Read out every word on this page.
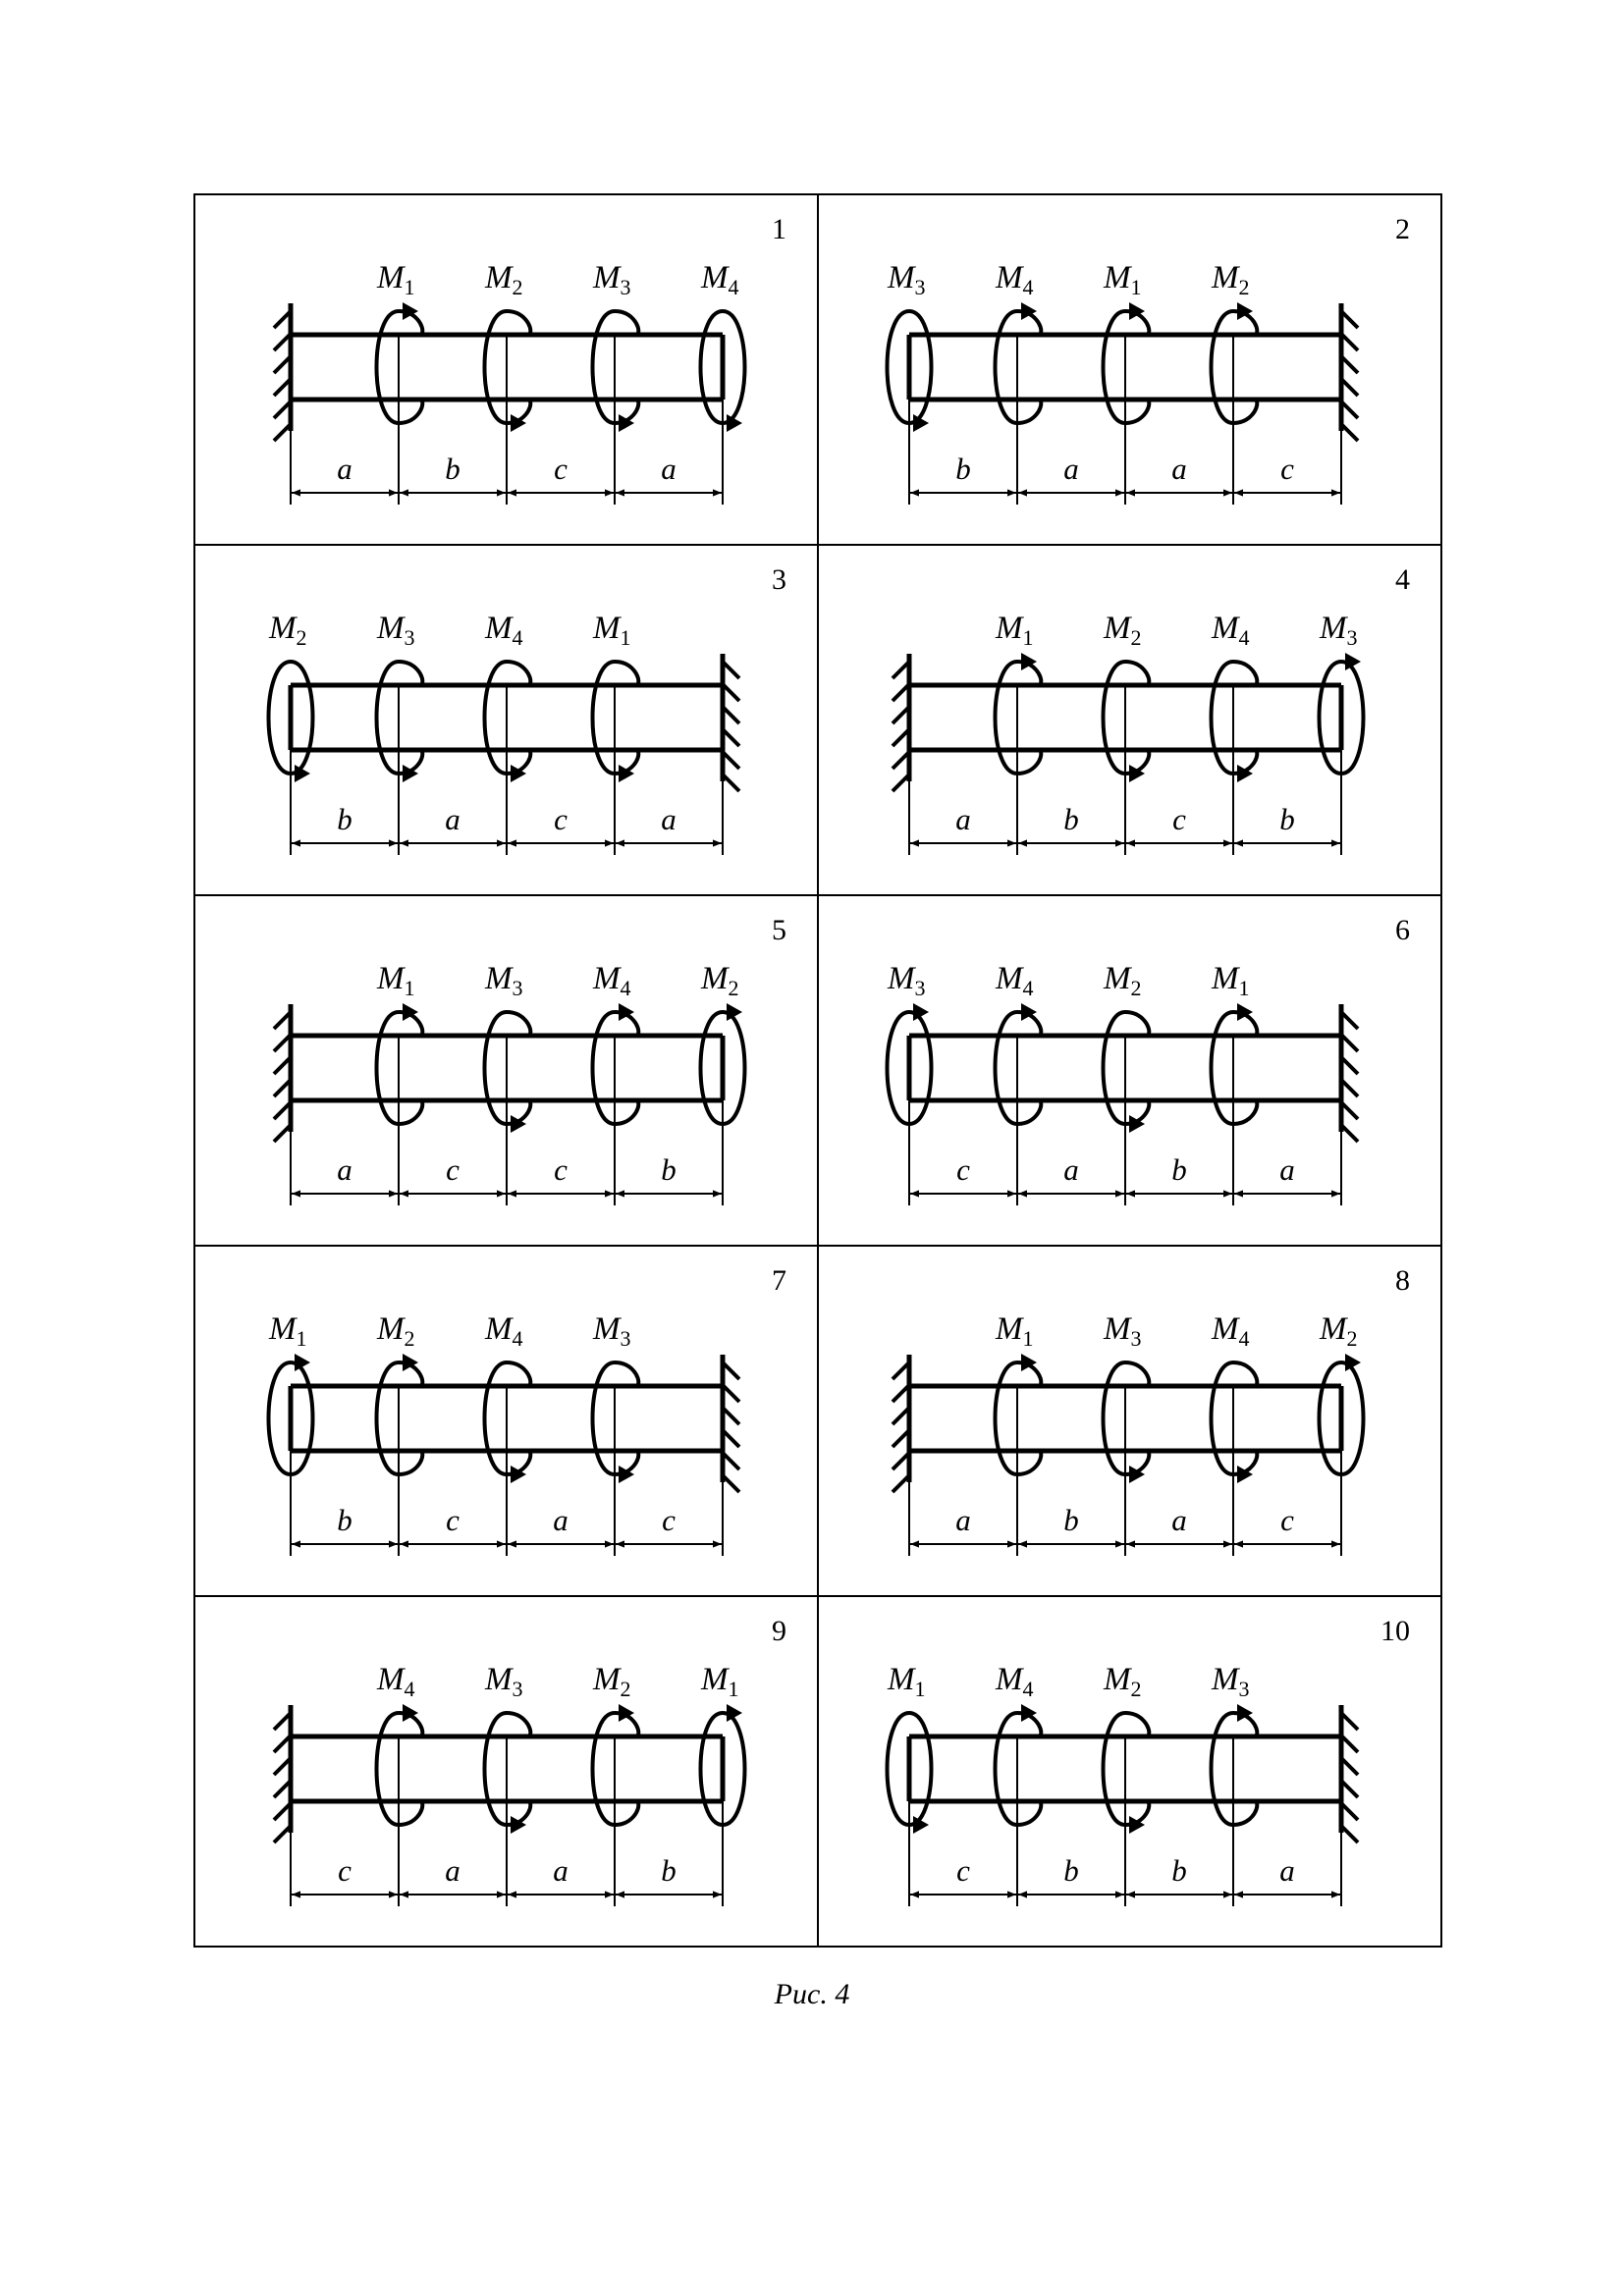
1
$M_1$ $M_2$ $M_3$ $M_4$
a	b	c	a
2
$M_3$ $M_4$ $M_1$ $M_2$
b	a	a	c
3
$M_2$ $M_3$ $M_4$ $M_1$
b	a	c	a
4
$M_1$ $M_2$ $M_4$ $M_3$
a	b	c	b
5
$M_1$ $M_3$ $M_4$ $M_2$
a	c	c	b
6
$M_3$ $M_4$ $M_2$ $M_1$
c	a	b	a
7
$M_1$ $M_2$ $M_4$ $M_3$
b	c	a	c
8
$M_1$ $M_3$ $M_4$ $M_2$
a	b	a	c
9
$M_4$ $M_3$ $M_2$ $M_1$
c	a	a	b
10
$M_1$ $M_4$ $M_2$ $M_3$
c	b	b	a
Рис. 4
